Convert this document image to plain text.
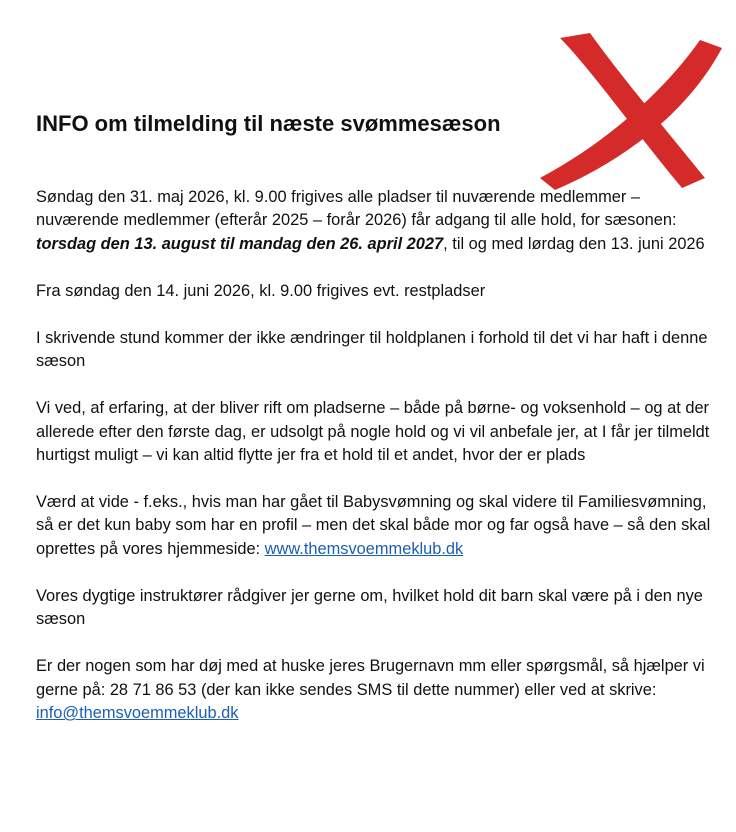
INFO om tilmelding til næste svømmesæson

Søndag den 31. maj 2026, kl. 9.00 frigives alle pladser til nuværende medlemmer – nuværende medlemmer (efterår 2025 – forår 2026) får adgang til alle hold, for sæsonen: torsdag den 13. august til mandag den 26. april 2027, til og med lørdag den 13. juni 2026

Fra søndag den 14. juni 2026, kl. 9.00 frigives evt. restpladser

I skrivende stund kommer der ikke ændringer til holdplanen i forhold til det vi har haft i denne sæson

Vi ved, af erfaring, at der bliver rift om pladserne – både på børne- og voksenhold – og at der allerede efter den første dag, er udsolgt på nogle hold og vi vil anbefale jer, at I får jer tilmeldt hurtigst muligt – vi kan altid flytte jer fra et hold til et andet, hvor der er plads

Værd at vide - f.eks., hvis man har gået til Babysvømning og skal videre til Familiesvømning, så er det kun baby som har en profil – men det skal både mor og far også have – så den skal oprettes på vores hjemmeside: www.themsvoemmeklub.dk

Vores dygtige instruktører rådgiver jer gerne om, hvilket hold dit barn skal være på i den nye sæson

Er der nogen som har døj med at huske jeres Brugernavn mm eller spørgsmål, så hjælper vi gerne på: 28 71 86 53 (der kan ikke sendes SMS til dette nummer) eller ved at skrive: info@themsvoemmeklub.dk
